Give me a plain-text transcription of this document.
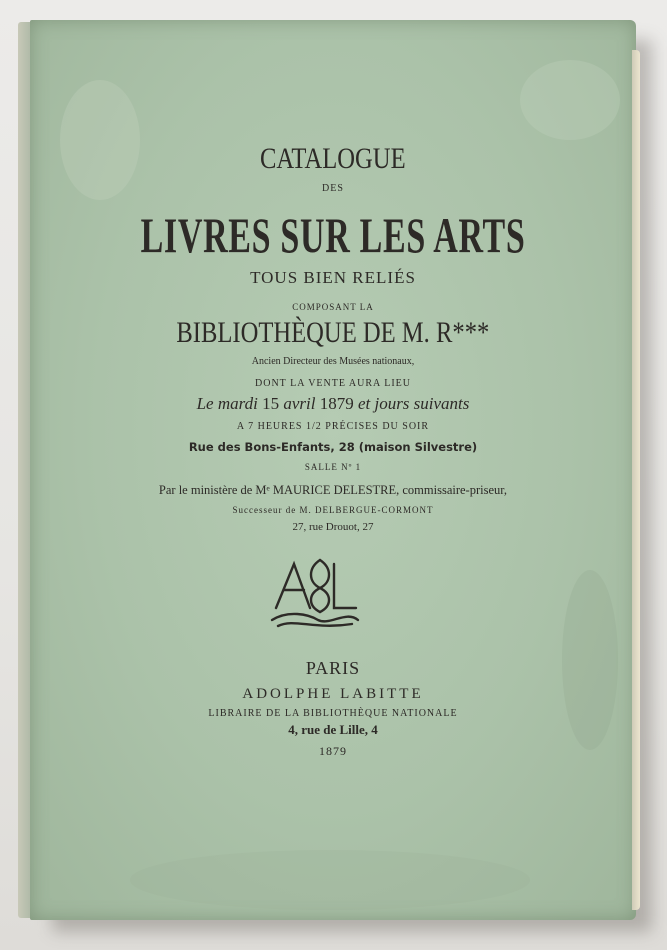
CATALOGUE
DES
LIVRES SUR LES ARTS
TOUS BIEN RELIÉS
COMPOSANT LA
BIBLIOTHÈQUE DE M. R***
Ancien Directeur des Musées nationaux,
DONT LA VENTE AURA LIEU
Le mardi 15 avril 1879 et jours suivants
A 7 HEURES 1/2 PRÉCISES DU SOIR
Rue des Bons-Enfants, 28 (maison Silvestre)
SALLE Nº 1
Par le ministère de Mᵉ MAURICE DELESTRE, commissaire-priseur,
Successeur de M. DELBERGUE-CORMONT
27, rue Drouot, 27
PARIS
ADOLPHE LABITTE
LIBRAIRE DE LA BIBLIOTHÈQUE NATIONALE
4, rue de Lille, 4
1879
